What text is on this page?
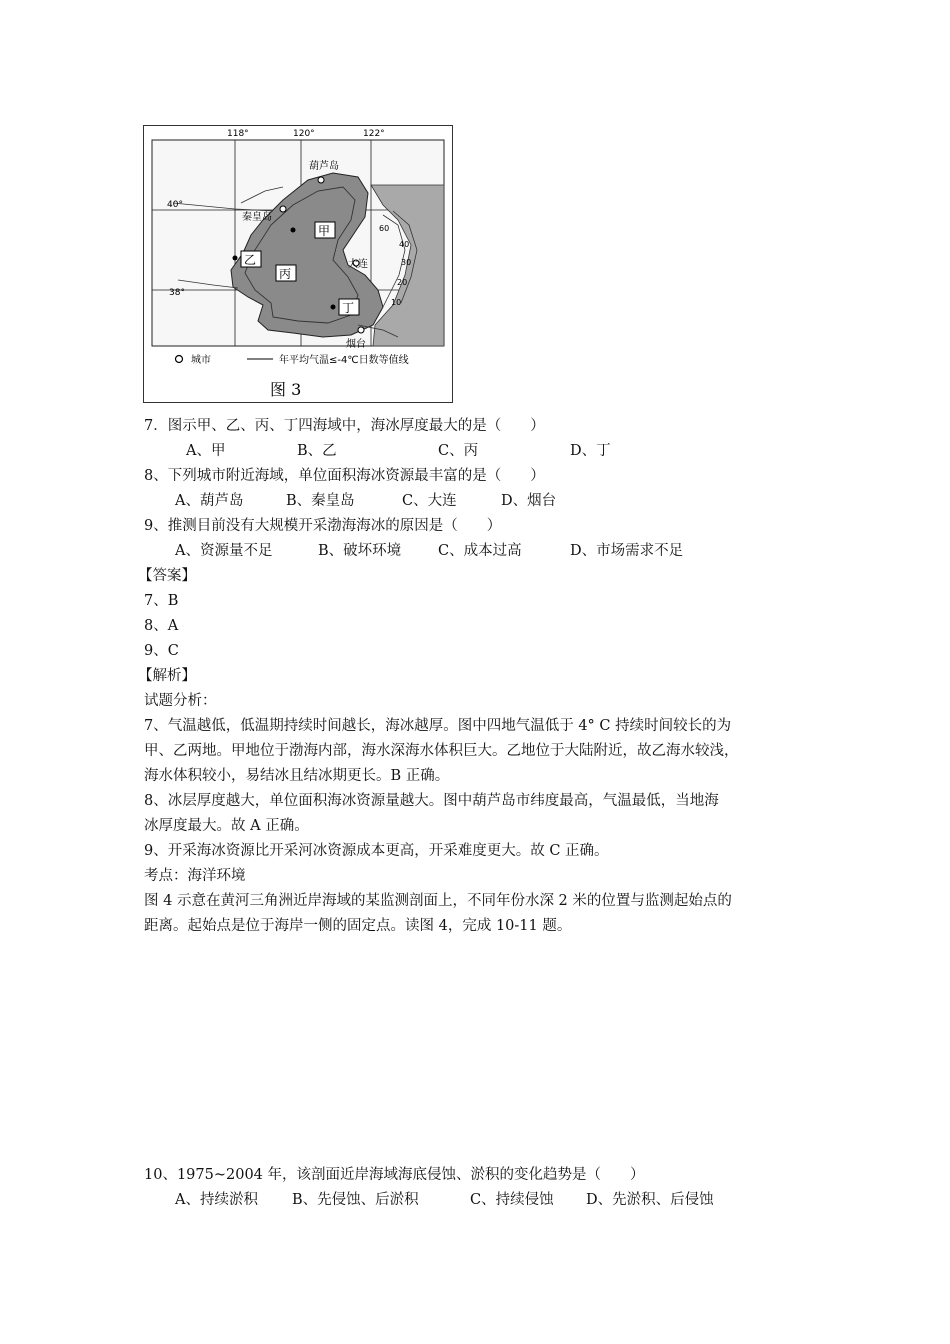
118°	120°	122°
40°
38°
60
40
30
20
10
葫芦岛
秦皇岛
大连
烟台
甲
乙
丙
丁
城市	年平均气温≤-4℃日数等值线
图 3
7．图示甲、乙、丙、丁四海域中，海冰厚度最大的是（　　）
A、甲	B、乙	C、丙	D、丁
8、下列城市附近海域，单位面积海冰资源最丰富的是（　　）
A、葫芦岛	B、秦皇岛	C、大连	D、烟台
9、推测目前没有大规模开采渤海海冰的原因是（　　）
A、资源量不足	B、破坏环境	C、成本过高	D、市场需求不足
【答案】
7、B
8、A
9、C
【解析】
试题分析：
7、气温越低，低温期持续时间越长，海冰越厚。图中四地气温低于 4° C 持续时间较长的为
甲、乙两地。甲地位于渤海内部，海水深海水体积巨大。乙地位于大陆附近，故乙海水较浅，
海水体积较小，易结冰且结冰期更长。B 正确。
8、冰层厚度越大，单位面积海冰资源量越大。图中葫芦岛市纬度最高，气温最低，当地海
冰厚度最大。故 A 正确。
9、开采海冰资源比开采河冰资源成本更高，开采难度更大。故 C 正确。
考点：海洋环境
图 4 示意在黄河三角洲近岸海域的某监测剖面上，不同年份水深 2 米的位置与监测起始点的
距离。起始点是位于海岸一侧的固定点。读图 4，完成 10-11 题。
10、1975~2004 年，该剖面近岸海域海底侵蚀、淤积的变化趋势是（　　）
A、持续淤积 B、先侵蚀、后淤积	C、持续侵蚀 D、先淤积、后侵蚀
